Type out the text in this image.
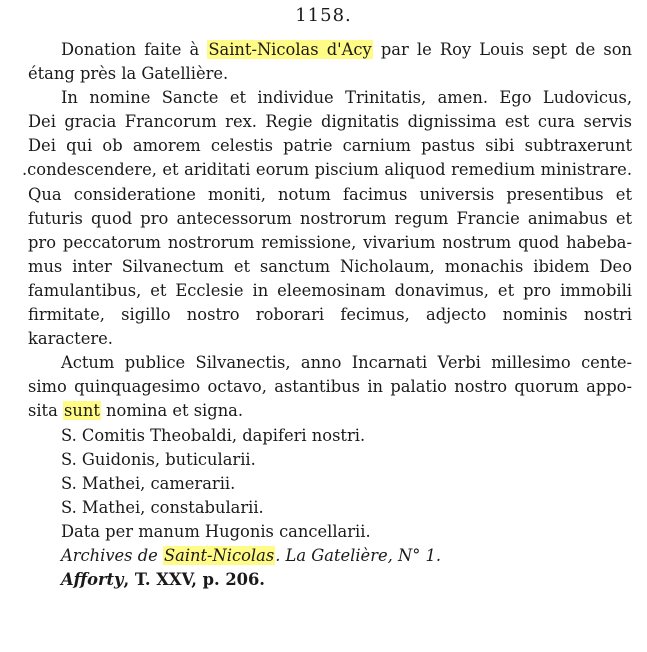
1158.
Donation faite à Saint-Nicolas d'Acy par le Roy Louis sept de son
étang près la Gatellière.
In nomine Sancte et individue Trinitatis, amen. Ego Ludovicus,
Dei gracia Francorum rex. Regie dignitatis dignissima est cura servis
Dei qui ob amorem celestis patrie carnium pastus sibi subtraxerunt
.condescendere, et ariditati eorum piscium aliquod remedium ministrare.
Qua consideratione moniti, notum facimus universis presentibus et
futuris quod pro antecessorum nostrorum regum Francie animabus et
pro peccatorum nostrorum remissione, vivarium nostrum quod habeba-
mus inter Silvanectum et sanctum Nicholaum, monachis ibidem Deo
famulantibus, et Ecclesie in eleemosinam donavimus, et pro immobili
firmitate, sigillo nostro roborari fecimus, adjecto nominis nostri
karactere.
Actum publice Silvanectis, anno Incarnati Verbi millesimo cente-
simo quinquagesimo octavo, astantibus in palatio nostro quorum appo-
sita sunt nomina et signa.
S. Comitis Theobaldi, dapiferi nostri.
S. Guidonis, buticularii.
S. Mathei, camerarii.
S. Mathei, constabularii.
Data per manum Hugonis cancellarii.
Archives de Saint-Nicolas. La Gatelière, N° 1.
Afforty, T. XXV, p. 206.
